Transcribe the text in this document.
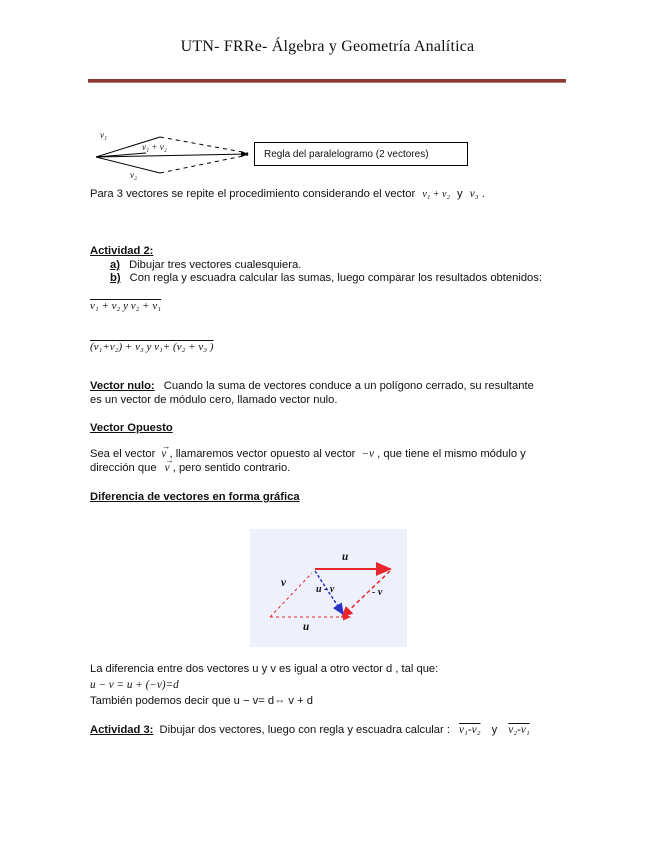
UTN- FRRe- Álgebra y Geometría Analítica
v₁
v₁ + v₂
v₂
Regla del paralelogramo (2 vectores)
Para 3 vectores se repite el procedimiento considerando el vector v₁ + v₂ y v₃ .
Actividad 2:
a) Dibujar tres vectores cualesquiera.
b) Con regla y escuadra calcular las sumas, luego comparar los resultados obtenidos:
v₁ + v₂ y v₂ + v₁
(v₁+v₂) + v₃ y v₁+ (v₂ + v₃ )
Vector nulo: Cuando la suma de vectores conduce a un polígono cerrado, su resultante
es un vector de módulo cero, llamado vector nulo.
Vector Opuesto
Sea el vector → v , llamaremos vector opuesto al vector −v , que tiene el mismo módulo y
dirección que → v , pero sentido contrario.
Diferencia de vectores en forma gráfica
u
v
u - v	- v
u
La diferencia entre dos vectores u y v es igual a otro vector d , tal que:
u − v = u + (−v)=d
También podemos decir que u − v= d⇔ v + d
Actividad 3: Dibujar dos vectores, luego con regla y escuadra calcular : v₁-v₂ y v₂-v₁
